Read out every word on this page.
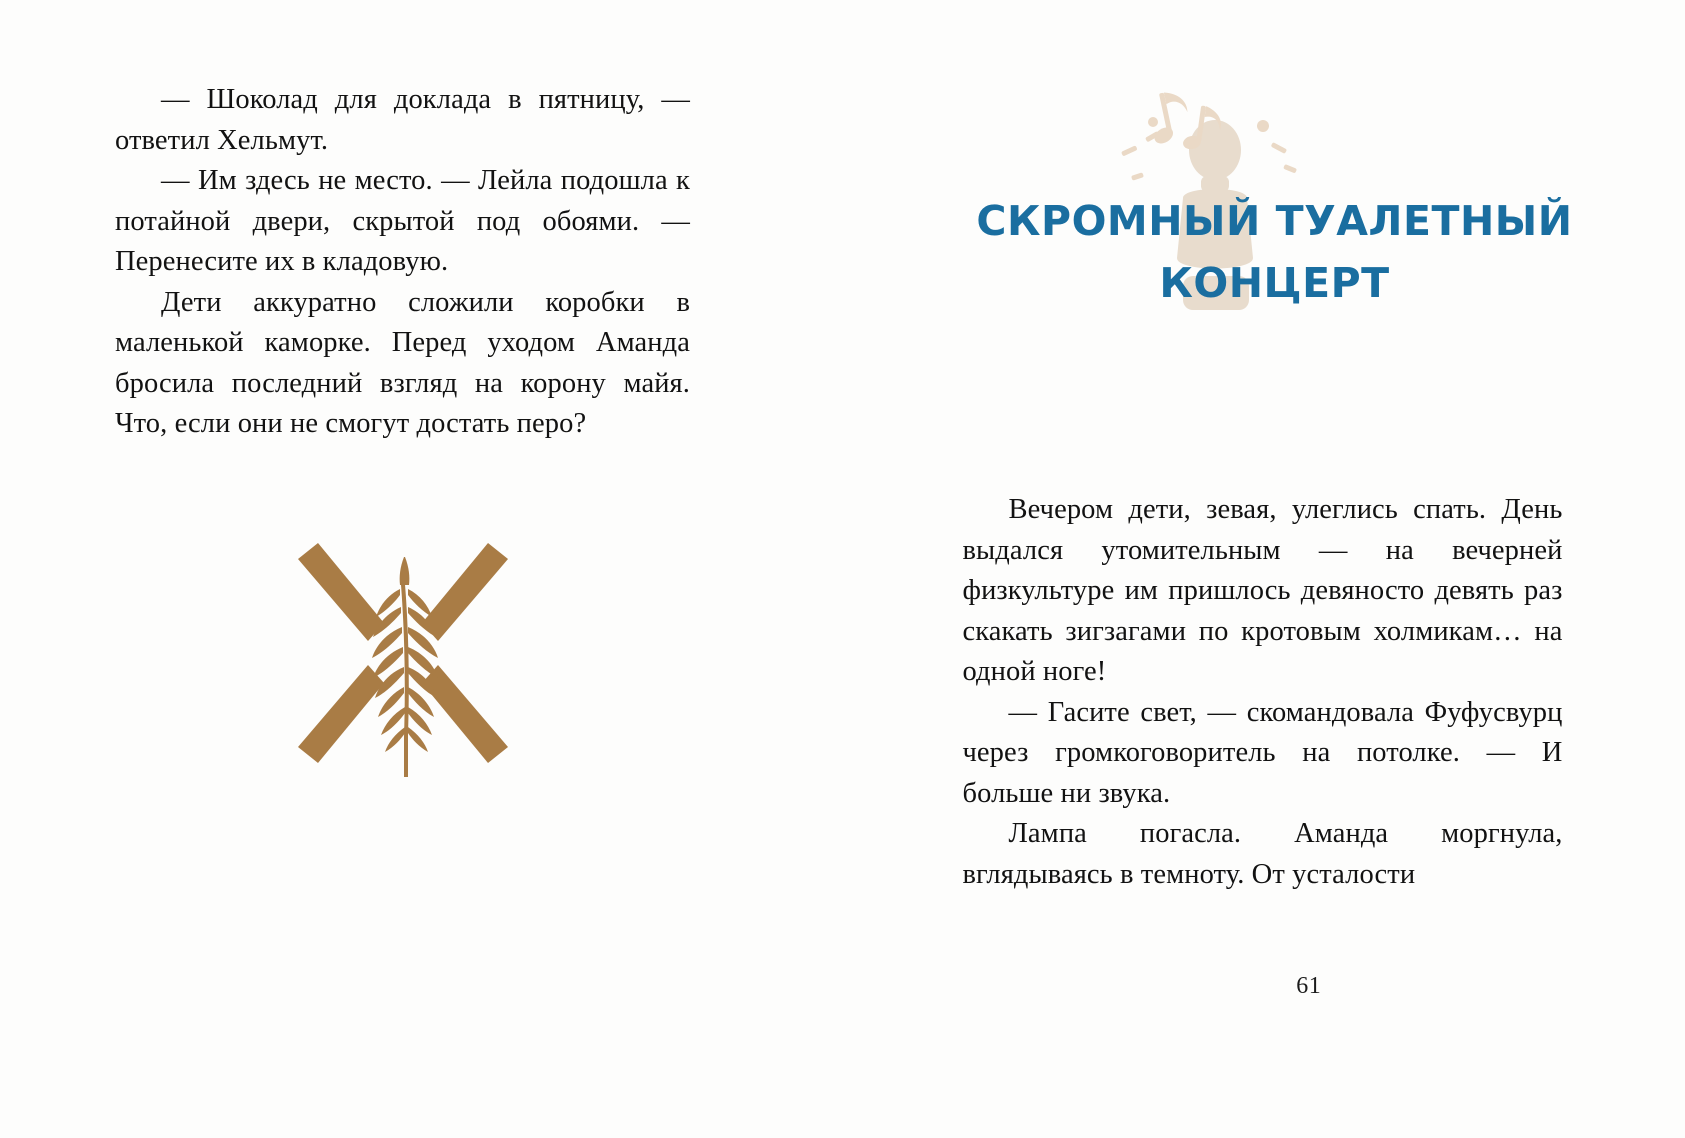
— Шоколад для доклада в пятницу, — ответил Хельмут.

— Им здесь не место. — Лейла подошла к потайной двери, скрытой под обоями. — Перенесите их в кладовую.

Дети аккуратно сложили коробки в маленькой каморке. Перед уходом Аманда бросила последний взгляд на корону майя. Что, если они не смогут достать перо?

СКРОМНЫЙ ТУАЛЕТНЫЙ
КОНЦЕРТ

Вечером дети, зевая, улеглись спать. День выдался утомительным — на вечерней физкультуре им пришлось девяносто девять раз скакать зигзагами по кротовым холмикам… на одной ноге!

— Гасите свет, — скомандовала Фуфусвурц через громкоговоритель на потолке. — И больше ни звука.

Лампа погасла. Аманда моргнула, вглядываясь в темноту. От усталости

61
